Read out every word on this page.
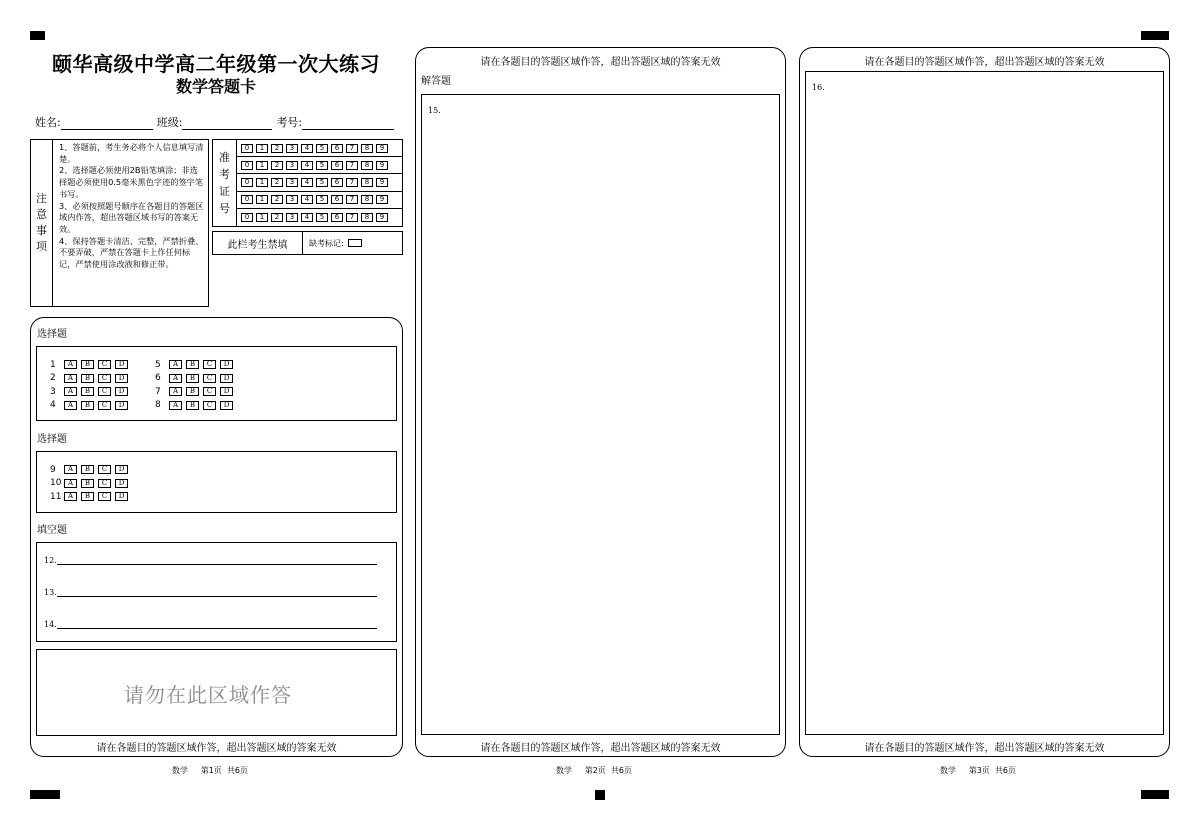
颐华高级中学高二年级第一次大练习
数学答题卡
姓名:	班级:	考号:
注
意
事
项
1、答题前，考生务必将个人信息填写清楚。
2、选择题必须使用2B铅笔填涂；非选择题必须使用0.5毫米黑色字迹的签字笔书写。
3、必须按照题号顺序在各题目的答题区域内作答，超出答题区域书写的答案无效。
4、保持答题卡清洁、完整，严禁折叠、不要弄破，严禁在答题卡上作任何标记，严禁使用涂改液和修正带。
准
考
证
号
0	1	2	3	4	5	6	7	8	9
0	1	2	3	4	5	6	7	8	9
0	1	2	3	4	5	6	7	8	9
0	1	2	3	4	5	6	7	8	9
0	1	2	3	4	5	6	7	8	9
此栏考生禁填	缺考标记:
选择题
1	A	B	C	D
2	A	B	C	D
3	A	B	C	D
4	A	B	C	D
5	A	B	C	D
6	A	B	C	D
7	A	B	C	D
8	A	B	C	D
选择题
9	A	B	C	D
10 A	B	C	D
11 A	B	C	D
填空题
12.
13.
14.
请勿在此区域作答
请在各题目的答题区域作答，超出答题区域的答案无效
请在各题目的答题区域作答，超出答题区域的答案无效
解答题
15.
请在各题目的答题区域作答，超出答题区域的答案无效
请在各题目的答题区域作答，超出答题区域的答案无效
16.
请在各题目的答题区域作答，超出答题区域的答案无效
数学 第1页 共6页	数学 第2页 共6页	数学 第3页 共6页
